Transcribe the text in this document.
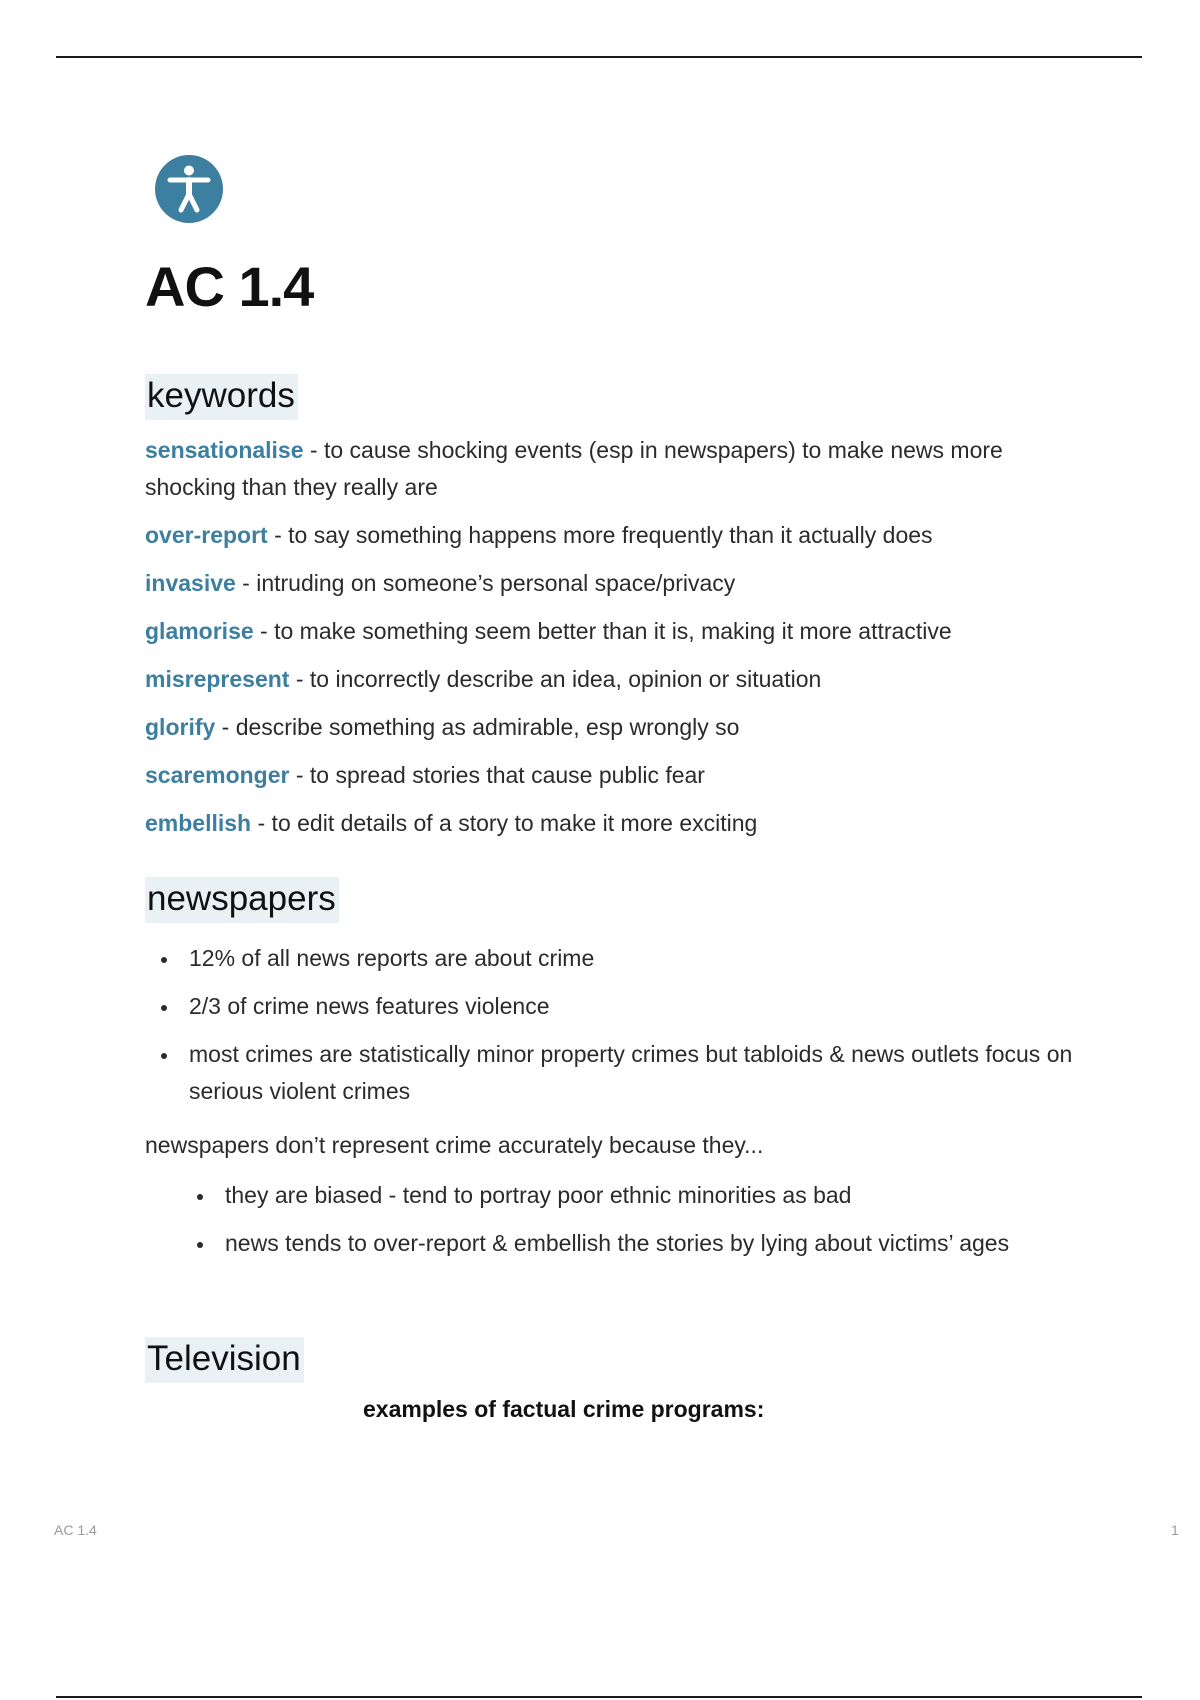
AC 1.4
keywords
sensationalise - to cause shocking events (esp in newspapers) to make news more shocking than they really are
over-report - to say something happens more frequently than it actually does
invasive - intruding on someone’s personal space/privacy
glamorise - to make something seem better than it is, making it more attractive
misrepresent - to incorrectly describe an idea, opinion or situation
glorify - describe something as admirable, esp wrongly so
scaremonger - to spread stories that cause public fear
embellish - to edit details of a story to make it more exciting
newspapers
12% of all news reports are about crime
2/3 of crime news features violence
most crimes are statistically minor property crimes but tabloids & news outlets focus on serious violent crimes

newspapers don’t represent crime accurately because they...

they are biased - tend to portray poor ethnic minorities as bad
news tends to over-report & embellish the stories by lying about victims’ ages
Television

examples of factual crime programs:

AC 1.4	1
